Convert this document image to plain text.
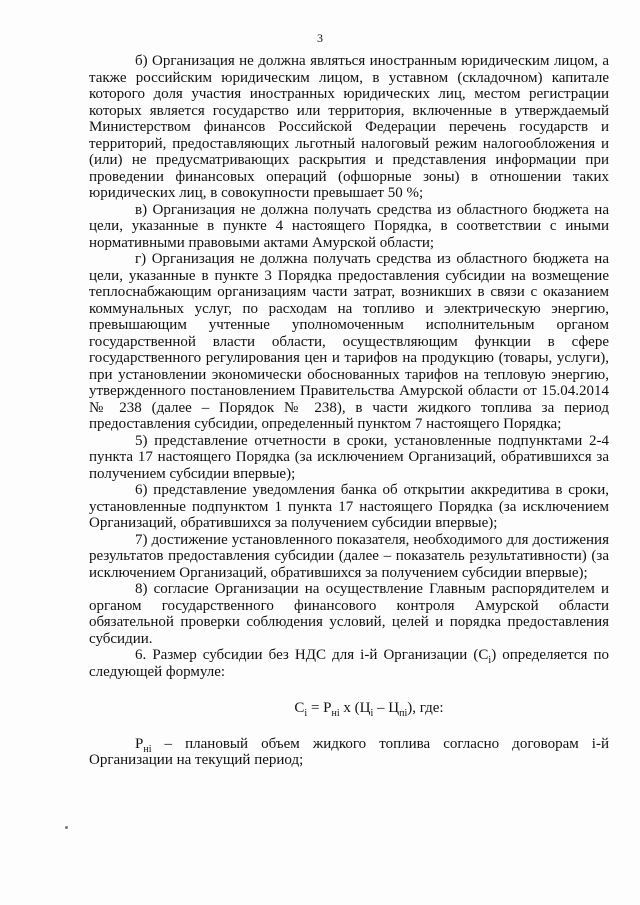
3

б) Организация не должна являться иностранным юридическим лицом, а также российским юридическим лицом, в уставном (складочном) капитале которого доля участия иностранных юридических лиц, местом регистрации которых является государство или территория, включенные в утверждаемый Министерством финансов Российской Федерации перечень государств и территорий, предоставляющих льготный налоговый режим налогообложения и (или) не предусматривающих раскрытия и представления информации при проведении финансовых операций (офшорные зоны) в отношении таких юридических лиц, в совокупности превышает 50 %;

в) Организация не должна получать средства из областного бюджета на цели, указанные в пункте 4 настоящего Порядка, в соответствии с иными нормативными правовыми актами Амурской области;

г) Организация не должна получать средства из областного бюджета на цели, указанные в пункте 3 Порядка предоставления субсидии на возмещение теплоснабжающим организациям части затрат, возникших в связи с оказанием коммунальных услуг, по расходам на топливо и электрическую энергию, превышающим учтенные уполномоченным исполнительным органом государственной власти области, осуществляющим функции в сфере государственного регулирования цен и тарифов на продукцию (товары, услуги), при установлении экономически обоснованных тарифов на тепловую энергию, утвержденного постановлением Правительства Амурской области от 15.04.2014 № 238 (далее – Порядок № 238), в части жидкого топлива за период предоставления субсидии, определенный пунктом 7 настоящего Порядка;

5) представление отчетности в сроки, установленные подпунктами 2-4 пункта 17 настоящего Порядка (за исключением Организаций, обратившихся за получением субсидии впервые);

6) представление уведомления банка об открытии аккредитива в сроки, установленные подпунктом 1 пункта 17 настоящего Порядка (за исключением Организаций, обратившихся за получением субсидии впервые);

7) достижение установленного показателя, необходимого для достижения результатов предоставления субсидии (далее – показатель результативности) (за исключением Организаций, обратившихся за получением субсидии впервые);

8) согласие Организации на осуществление Главным распорядителем и органом государственного финансового контроля Амурской области обязательной проверки соблюдения условий, целей и порядка предоставления субсидии.

6. Размер субсидии без НДС для i-й Организации $(С_i)$ определяется по следующей формуле:

$С_i = Р_{нi}$ x $(Ц_i - Ц_{пi})$, где:

$Р_{нi}$ – плановый объем жидкого топлива согласно договорам i-й Организации на текущий период;
